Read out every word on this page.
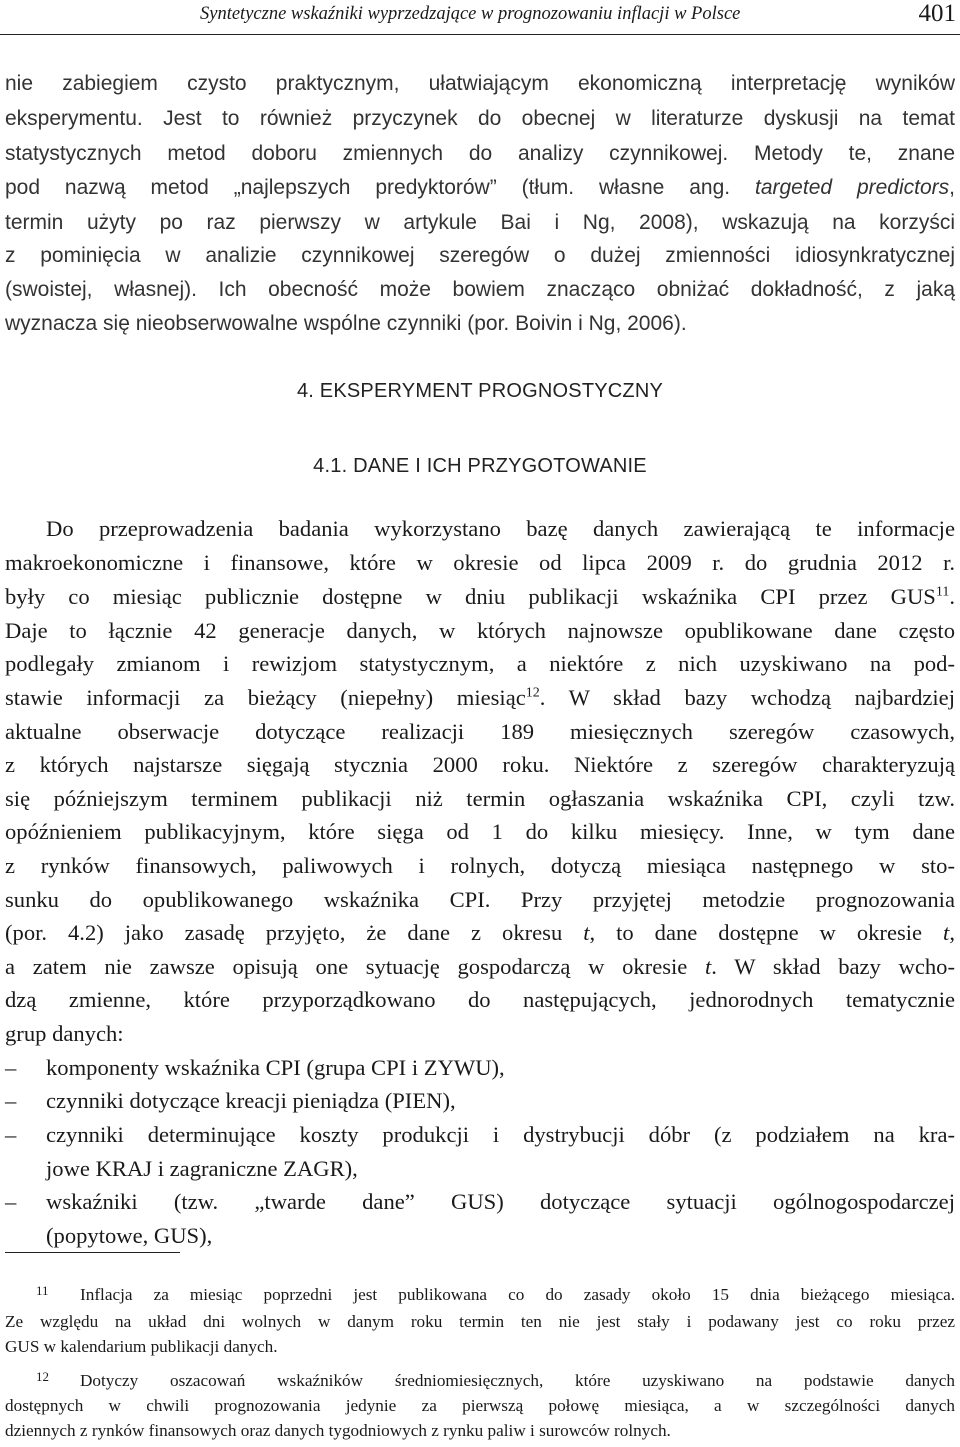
Syntetyczne wskaźniki wyprzedzające w prognozowaniu inflacji w Polsce	401
nie zabiegiem czysto praktycznym, ułatwiającym ekonomiczną interpretację wyników
eksperymentu. Jest to również przyczynek do obecnej w literaturze dyskusji na temat
statystycznych metod doboru zmiennych do analizy czynnikowej. Metody te, znane
pod nazwą metod „najlepszych predyktorów” (tłum. własne ang. targeted predictors,
termin użyty po raz pierwszy w artykule Bai i Ng, 2008), wskazują na korzyści
z pominięcia w analizie czynnikowej szeregów o dużej zmienności idiosynkratycznej
(swoistej, własnej). Ich obecność może bowiem znacząco obniżać dokładność, z jaką
wyznacza się nieobserwowalne wspólne czynniki (por. Boivin i Ng, 2006).
4. EKSPERYMENT PROGNOSTYCZNY
4.1. DANE I ICH PRZYGOTOWANIE
Do przeprowadzenia badania wykorzystano bazę danych zawierającą te informacje
makroekonomiczne i finansowe, które w okresie od lipca 2009 r. do grudnia 2012 r.
były co miesiąc publicznie dostępne w dniu publikacji wskaźnika CPI przez GUS$^{11}$.
Daje to łącznie 42 generacje danych, w których najnowsze opublikowane dane często
podlegały zmianom i rewizjom statystycznym, a niektóre z nich uzyskiwano na pod-
stawie informacji za bieżący (niepełny) miesiąc$^{12}$. W skład bazy wchodzą najbardziej
aktualne obserwacje dotyczące realizacji 189 miesięcznych szeregów czasowych,
z których najstarsze sięgają stycznia 2000 roku. Niektóre z szeregów charakteryzują
się późniejszym terminem publikacji niż termin ogłaszania wskaźnika CPI, czyli tzw.
opóźnieniem publikacyjnym, które sięga od 1 do kilku miesięcy. Inne, w tym dane
z rynków finansowych, paliwowych i rolnych, dotyczą miesiąca następnego w sto-
sunku do opublikowanego wskaźnika CPI. Przy przyjętej metodzie prognozowania
(por. 4.2) jako zasadę przyjęto, że dane z okresu t, to dane dostępne w okresie t,
a zatem nie zawsze opisują one sytuację gospodarczą w okresie t. W skład bazy wcho-
dzą zmienne, które przyporządkowano do następujących, jednorodnych tematycznie
grup danych:
– komponenty wskaźnika CPI (grupa CPI i ZYWU),
– czynniki dotyczące kreacji pieniądza (PIEN),
– czynniki determinujące koszty produkcji i dystrybucji dóbr (z podziałem na kra-
jowe KRAJ i zagraniczne ZAGR),
– wskaźniki (tzw. „twarde dane” GUS) dotyczące sytuacji ogólnogospodarczej
(popytowe, GUS),
11 Inflacja za miesiąc poprzedni jest publikowana co do zasady około 15 dnia bieżącego miesiąca.
Ze względu na układ dni wolnych w danym roku termin ten nie jest stały i podawany jest co roku przez
GUS w kalendarium publikacji danych.
12 Dotyczy oszacowań wskaźników średniomiesięcznych, które uzyskiwano na podstawie danych
dostępnych w chwili prognozowania jedynie za pierwszą połowę miesiąca, a w szczególności danych
dziennych z rynków finansowych oraz danych tygodniowych z rynku paliw i surowców rolnych.
